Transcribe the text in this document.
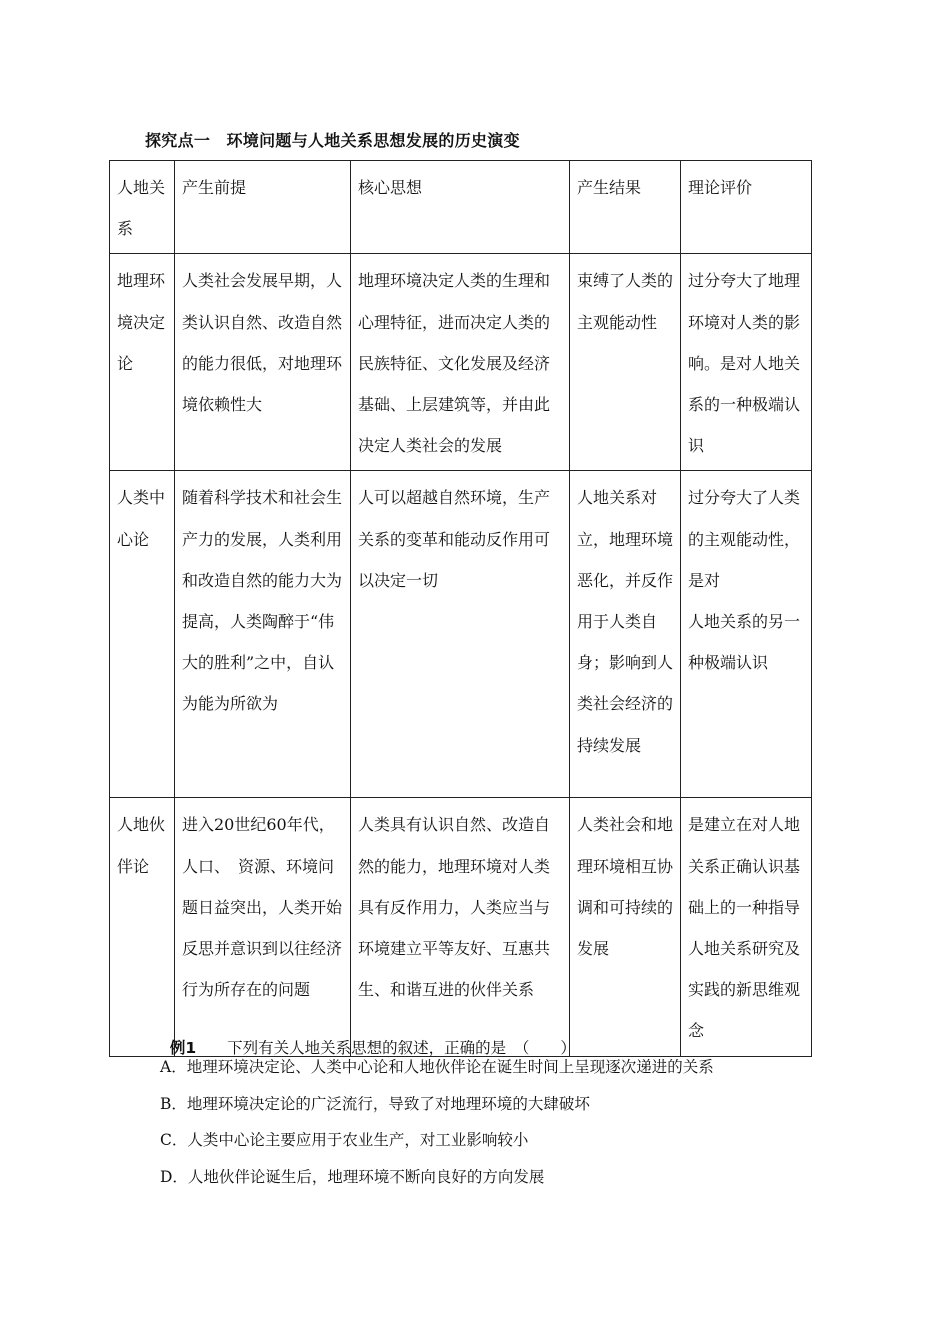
探究点一　环境问题与人地关系思想发展的历史演变
人地关系	产生前提	核心思想	产生结果	理论评价

地理环境决定论	人类社会发展早期，人类认识自然、改造自然的能力很低，对地理环境依赖性大	地理环境决定人类的生理和心理特征，进而决定人类的民族特征、文化发展及经济基础、上层建筑等，并由此决定人类社会的发展	束缚了人类的主观能动性	过分夸大了地理环境对人类的影响。是对人地关系的一种极端认识

人类中心论	随着科学技术和社会生产力的发展，人类利用和改造自然的能力大为提高，人类陶醉于“伟大的胜利”之中，自认为能为所欲为	人可以超越自然环境，生产关系的变革和能动反作用可以决定一切	人地关系对立，地理环境恶化，并反作用于人类自身；影响到人类社会经济的持续发展	过分夸大了人类的主观能动性，是对
人地关系的另一种极端认识

人地伙伴论	进入20世纪60年代，人口、　资源、环境问题日益突出，人类开始反思并意识到以往经济行为所存在的问题	人类具有认识自然、改造自然的能力，地理环境对人类具有反作用力，人类应当与环境建立平等友好、互惠共生、和谐互进的伙伴关系	人类社会和地理环境相互协调和可持续的发展	是建立在对人地关系正确认识基础上的一种指导人地关系研究及实践的新思维观念

例1　　下列有关人地关系思想的叙述，正确的是　（　　）

A．地理环境决定论、人类中心论和人地伙伴论在诞生时间上呈现逐次递进的关系
B．地理环境决定论的广泛流行，导致了对地理环境的大肆破坏
C．人类中心论主要应用于农业生产，对工业影响较小
D．人地伙伴论诞生后，地理环境不断向良好的方向发展
